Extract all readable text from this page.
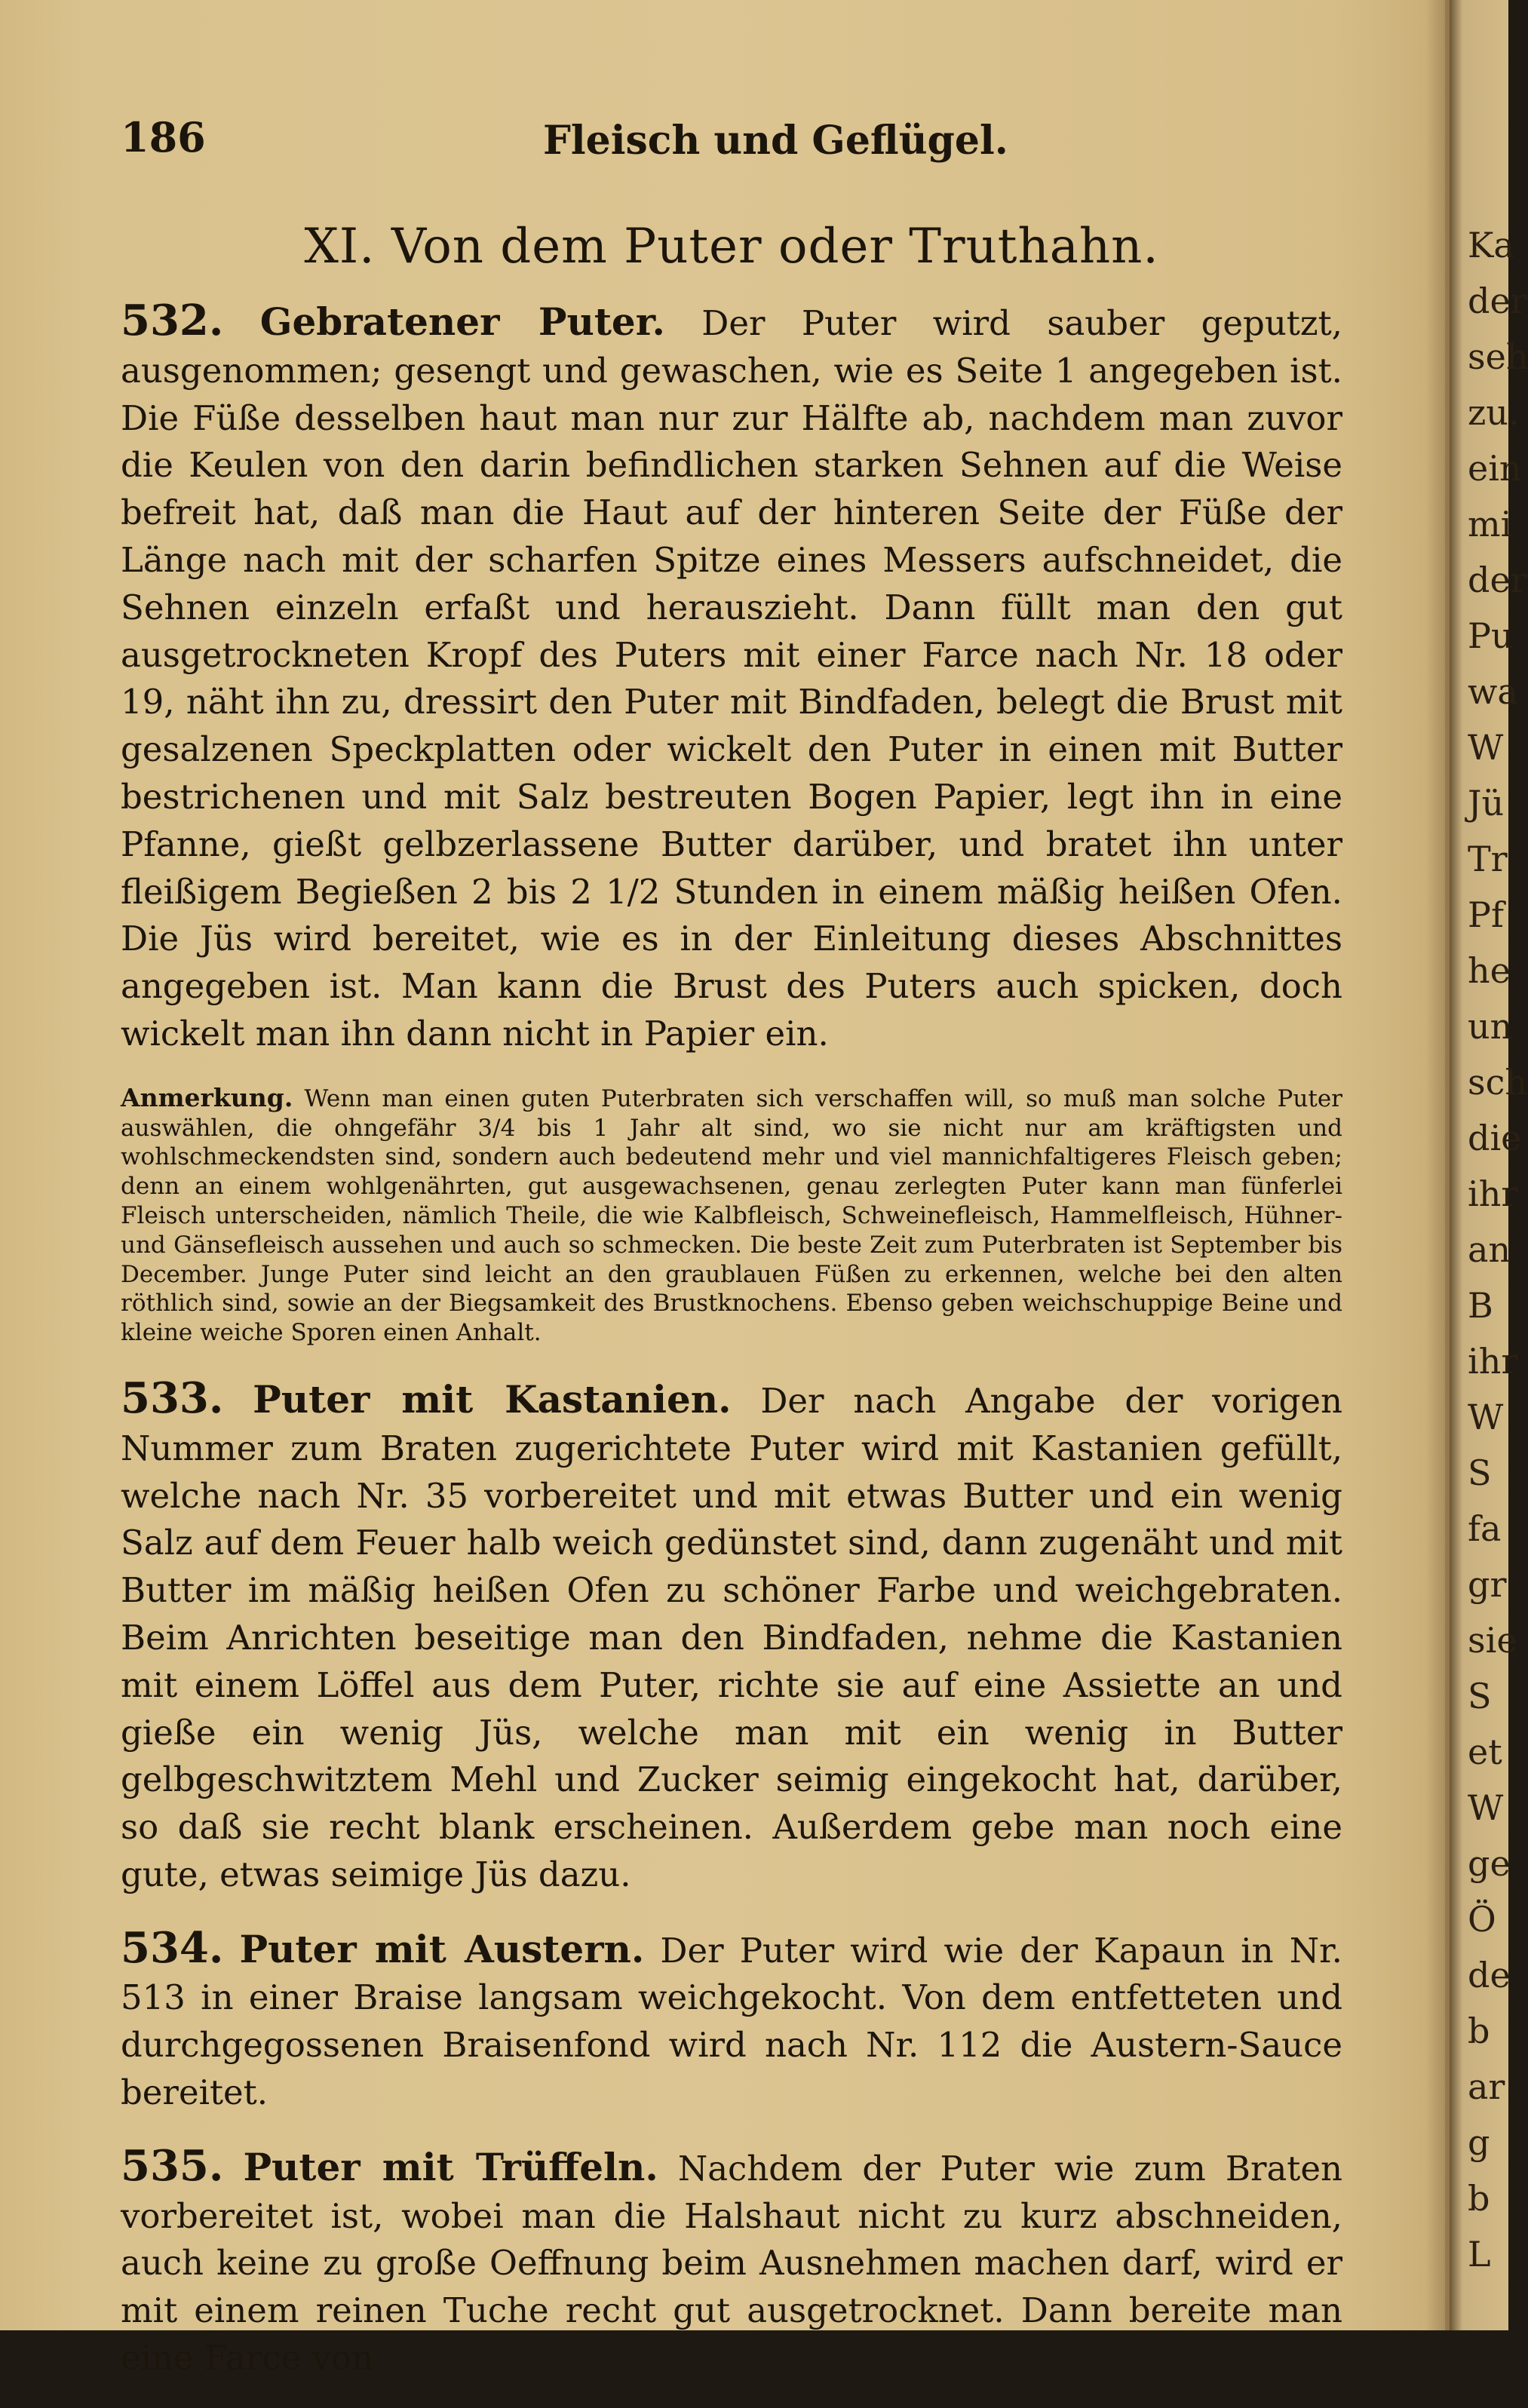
186	Fleisch und Geflügel.
XI. Von dem Puter oder Truthahn.

532. Gebratener Puter. Der Puter wird sauber geputzt, ausgenommen; gesengt und gewaschen, wie es Seite 1 angegeben ist. Die Füße desselben haut man nur zur Hälfte ab, nachdem man zuvor die Keulen von den darin befindlichen starken Sehnen auf die Weise befreit hat, daß man die Haut auf der hinteren Seite der Füße der Länge nach mit der scharfen Spitze eines Messers aufschneidet, die Sehnen einzeln erfaßt und herauszieht. Dann füllt man den gut ausgetrockneten Kropf des Puters mit einer Farce nach Nr. 18 oder 19, näht ihn zu, dressirt den Puter mit Bindfaden, belegt die Brust mit gesalzenen Speckplatten oder wickelt den Puter in einen mit Butter bestrichenen und mit Salz bestreuten Bogen Papier, legt ihn in eine Pfanne, gießt gelbzerlassene Butter darüber, und bratet ihn unter fleißigem Begießen 2 bis 2 1/2 Stunden in einem mäßig heißen Ofen. Die Jüs wird bereitet, wie es in der Einleitung dieses Abschnittes angegeben ist. Man kann die Brust des Puters auch spicken, doch wickelt man ihn dann nicht in Papier ein.

Anmerkung. Wenn man einen guten Puterbraten sich verschaffen will, so muß man solche Puter auswählen, die ohngefähr 3/4 bis 1 Jahr alt sind, wo sie nicht nur am kräftigsten und wohlschmeckendsten sind, sondern auch bedeutend mehr und viel mannichfaltigeres Fleisch geben; denn an einem wohlgenährten, gut ausgewachsenen, genau zerlegten Puter kann man fünferlei Fleisch unterscheiden, nämlich Theile, die wie Kalbfleisch, Schweinefleisch, Hammelfleisch, Hühner- und Gänsefleisch aussehen und auch so schmecken. Die beste Zeit zum Puterbraten ist September bis December. Junge Puter sind leicht an den graublauen Füßen zu erkennen, welche bei den alten röthlich sind, sowie an der Biegsamkeit des Brustknochens. Ebenso geben weichschuppige Beine und kleine weiche Sporen einen Anhalt.

533. Puter mit Kastanien. Der nach Angabe der vorigen Nummer zum Braten zugerichtete Puter wird mit Kastanien gefüllt, welche nach Nr. 35 vorbereitet und mit etwas Butter und ein wenig Salz auf dem Feuer halb weich gedünstet sind, dann zugenäht und mit Butter im mäßig heißen Ofen zu schöner Farbe und weichgebraten. Beim Anrichten beseitige man den Bindfaden, nehme die Kastanien mit einem Löffel aus dem Puter, richte sie auf eine Assiette an und gieße ein wenig Jüs, welche man mit ein wenig in Butter gelbgeschwitztem Mehl und Zucker seimig eingekocht hat, darüber, so daß sie recht blank erscheinen. Außerdem gebe man noch eine gute, etwas seimige Jüs dazu.

534. Puter mit Austern. Der Puter wird wie der Kapaun in Nr. 513 in einer Braise langsam weichgekocht. Von dem entfetteten und durchgegossenen Braisenfond wird nach Nr. 112 die Austern-Sauce bereitet.

535. Puter mit Trüffeln. Nachdem der Puter wie zum Braten vorbereitet ist, wobei man die Halshaut nicht zu kurz abschneiden, auch keine zu große Oeffnung beim Ausnehmen machen darf, wird er mit einem reinen Tuche recht gut ausgetrocknet. Dann bereite man eine Farce von

Ka
der
seh
zu.
ein
mi
der
Pu
wa
W
Jü
Tr
Pf
he
un
sch
die
ihr
an
B
ihr
W
S
fa
gr
sie
S
et
W
ge
Ö
de
b
ar
g
b
L
